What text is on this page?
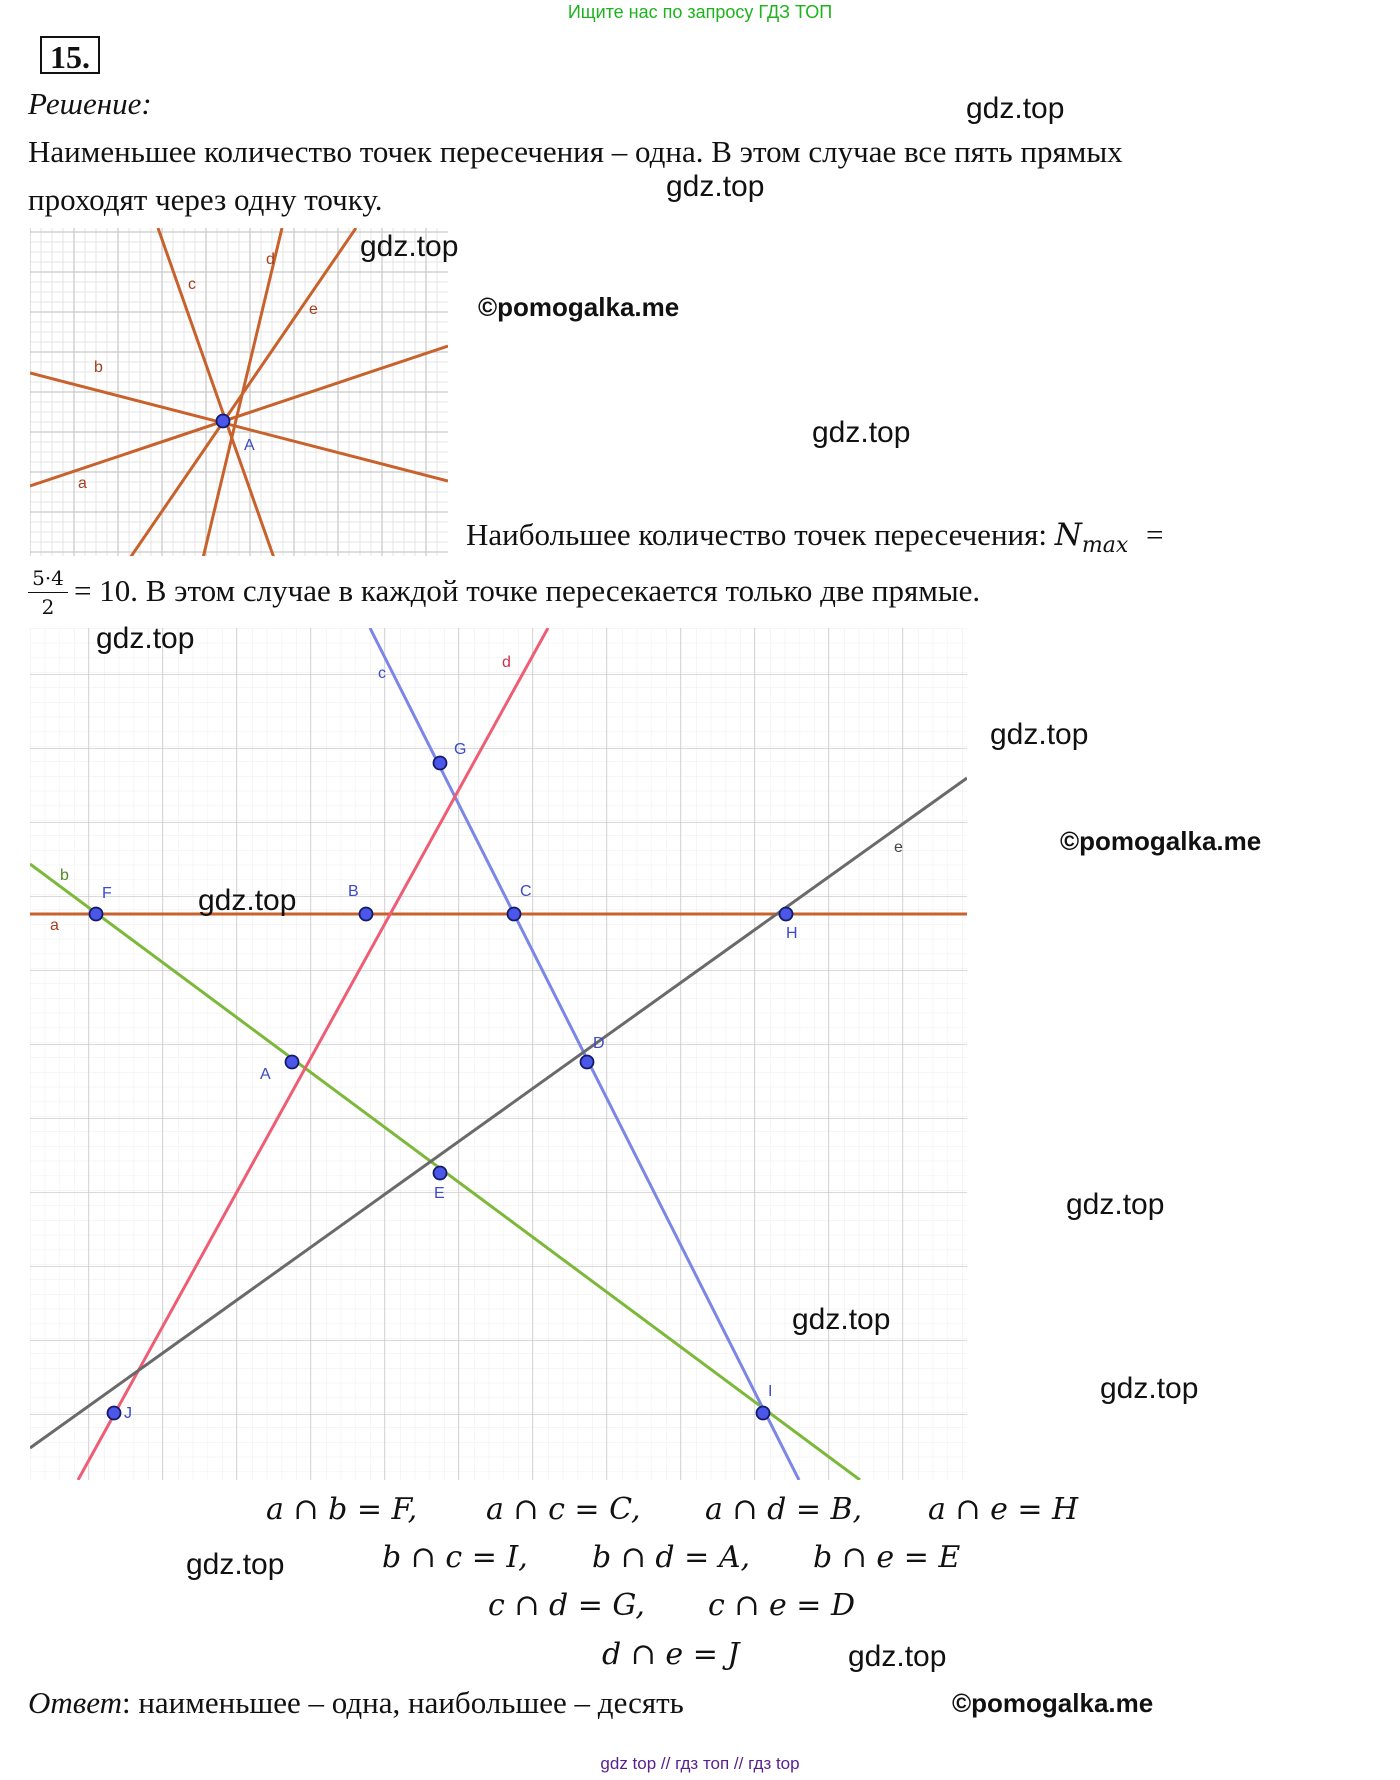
Ищите нас по запросу ГДЗ ТОП
15.
Решение:
Наименьшее количество точек пересечения – одна. В этом случае все пять прямых
проходят через одну точку.
a
b
c
d
e
A
Наибольшее количество точек пересечения: $N_{max}$ =
5·4
2 = 10. В этом случае в каждой точке пересекается только две прямые.
a
b
c
d
e
F	B	C
H
G
A
D
E
J
I
a ∩ b = F, a ∩ c = C, a ∩ d = B, a ∩ e = H
b ∩ c = I, b ∩ d = A, b ∩ e = E
c ∩ d = G, c ∩ e = D
d ∩ e = J
Ответ: наименьшее – одна, наибольшее – десять
gdz.top
gdz.top
gdz.top
©pomogalka.me
gdz.top
gdz.top
gdz.top
©pomogalka.me
gdz.top
gdz.top
gdz.top
gdz.top
gdz.top
gdz.top
©pomogalka.me
gdz top // гдз топ // гдз top
